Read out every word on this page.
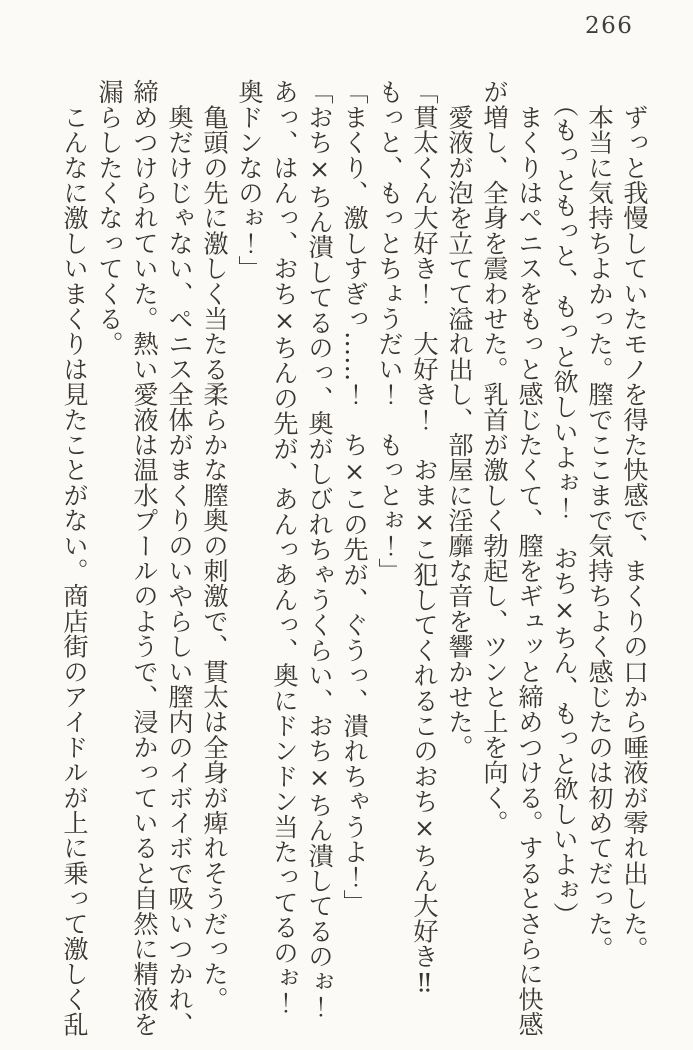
266

　ずっと我慢していたモノを得た快感で、まくりの口から唾液が零れ出した。

　本当に気持ちよかった。膣でここまで気持ちよく感じたのは初めてだった。

　（もっともっと、もっと欲しいよぉ！　おち×ちん、もっと欲しいよぉ）

　まくりはペニスをもっと感じたくて、膣をギュッと締めつける。するとさらに快感が増し、全身を震わせた。乳首が激しく勃起し、ツンと上を向く。

　愛液が泡を立てて溢れ出し、部屋に淫靡な音を響かせた。

「貫太くん大好き！　大好き！　おま×こ犯してくれるこのおち×ちん大好き‼　もっと、もっとちょうだい！　もっとぉ！」

「まくり、激しすぎっ……！　ち×この先が、ぐうっ、潰れちゃうよ！」

「おち×ちん潰してるのっ、奥がしびれちゃうくらい、おち×ちん潰してるのぉ！　あっ、はんっ、おち×ちんの先が、あんっあんっ、奥にドンドン当たってるのぉ！　奥ドンなのぉ！」

　亀頭の先に激しく当たる柔らかな膣奥の刺激で、貫太は全身が痺れそうだった。

　奥だけじゃない、ペニス全体がまくりのいやらしい膣内のイボイボで吸いつかれ、締めつけられていた。熱い愛液は温水プールのようで、浸かっていると自然に精液を漏らしたくなってくる。

　こんなに激しいまくりは見たことがない。商店街のアイドルが上に乗って激しく乱
